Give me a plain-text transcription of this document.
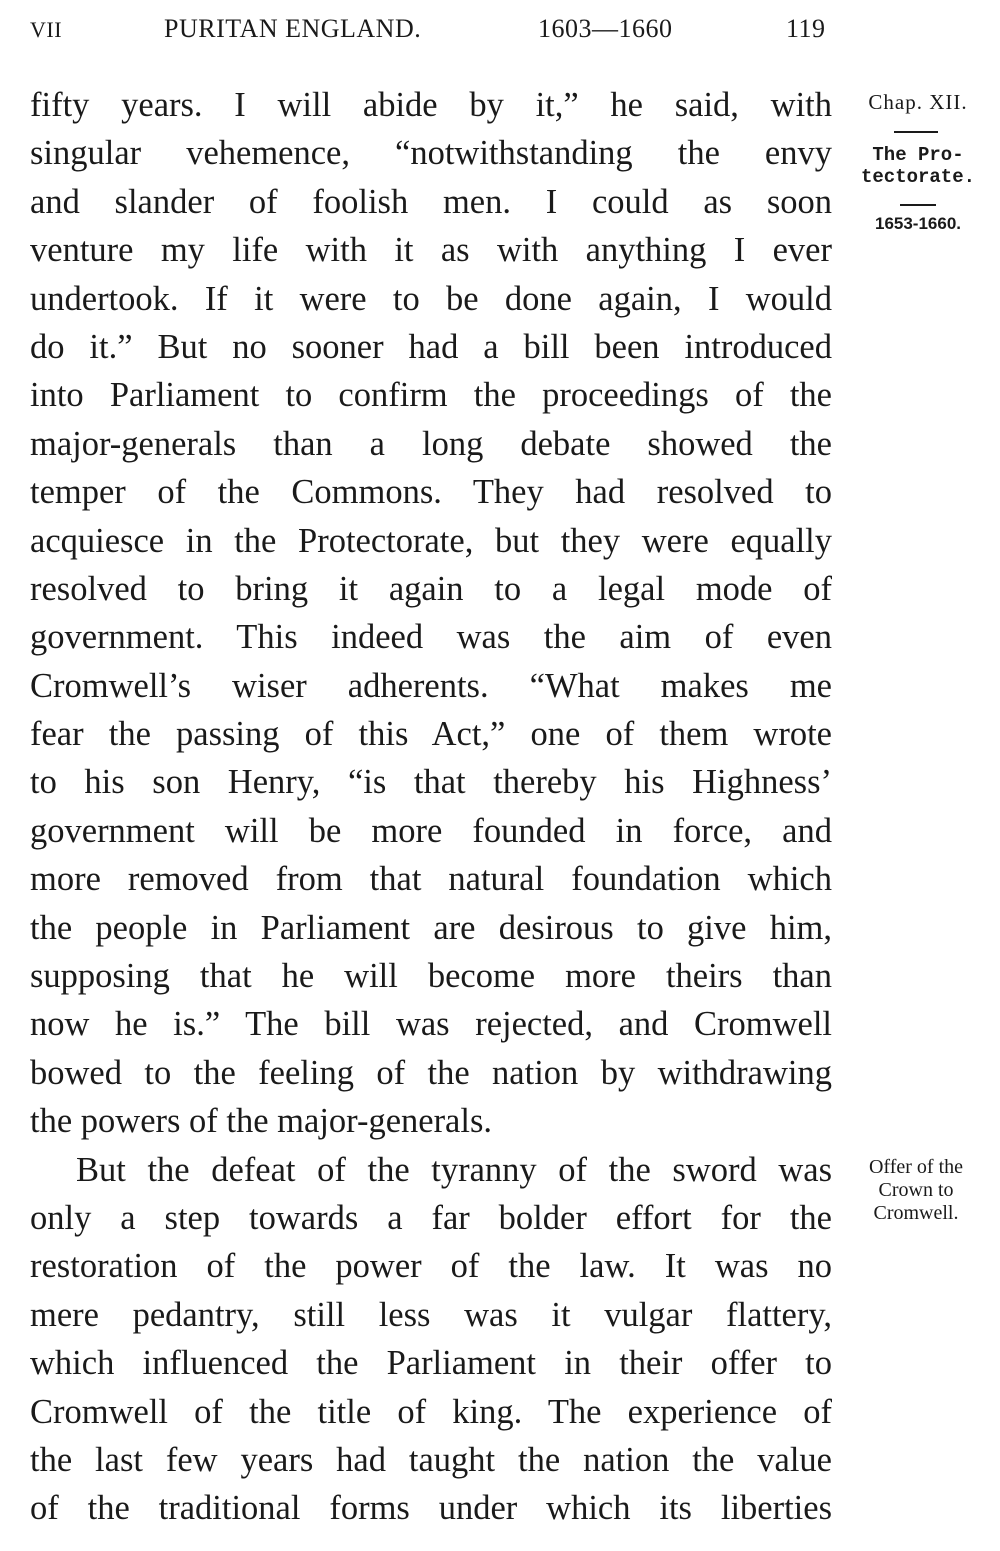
VII	PURITAN ENGLAND.	1603—1660	119
fifty years. I will abide by it,” he said, with
singular vehemence, “notwithstanding the envy
and slander of foolish men. I could as soon
venture my life with it as with anything I ever
undertook. If it were to be done again, I would
do it.” But no sooner had a bill been introduced
into Parliament to confirm the proceedings of the
major-generals than a long debate showed the
temper of the Commons. They had resolved to
acquiesce in the Protectorate, but they were equally
resolved to bring it again to a legal mode of
government. This indeed was the aim of even
Cromwell’s wiser adherents. “What makes me
fear the passing of this Act,” one of them wrote
to his son Henry, “is that thereby his Highness’
government will be more founded in force, and
more removed from that natural foundation which
the people in Parliament are desirous to give him,
supposing that he will become more theirs than
now he is.” The bill was rejected, and Cromwell
bowed to the feeling of the nation by withdrawing
the powers of the major-generals.
But the defeat of the tyranny of the sword was
only a step towards a far bolder effort for the
restoration of the power of the law. It was no
mere pedantry, still less was it vulgar flattery,
which influenced the Parliament in their offer to
Cromwell of the title of king. The experience of
the last few years had taught the nation the value
of the traditional forms under which its liberties
Chap. XII.
The Pro-
tectorate.
1653-1660.
Offer of the
Crown to
Cromwell.
